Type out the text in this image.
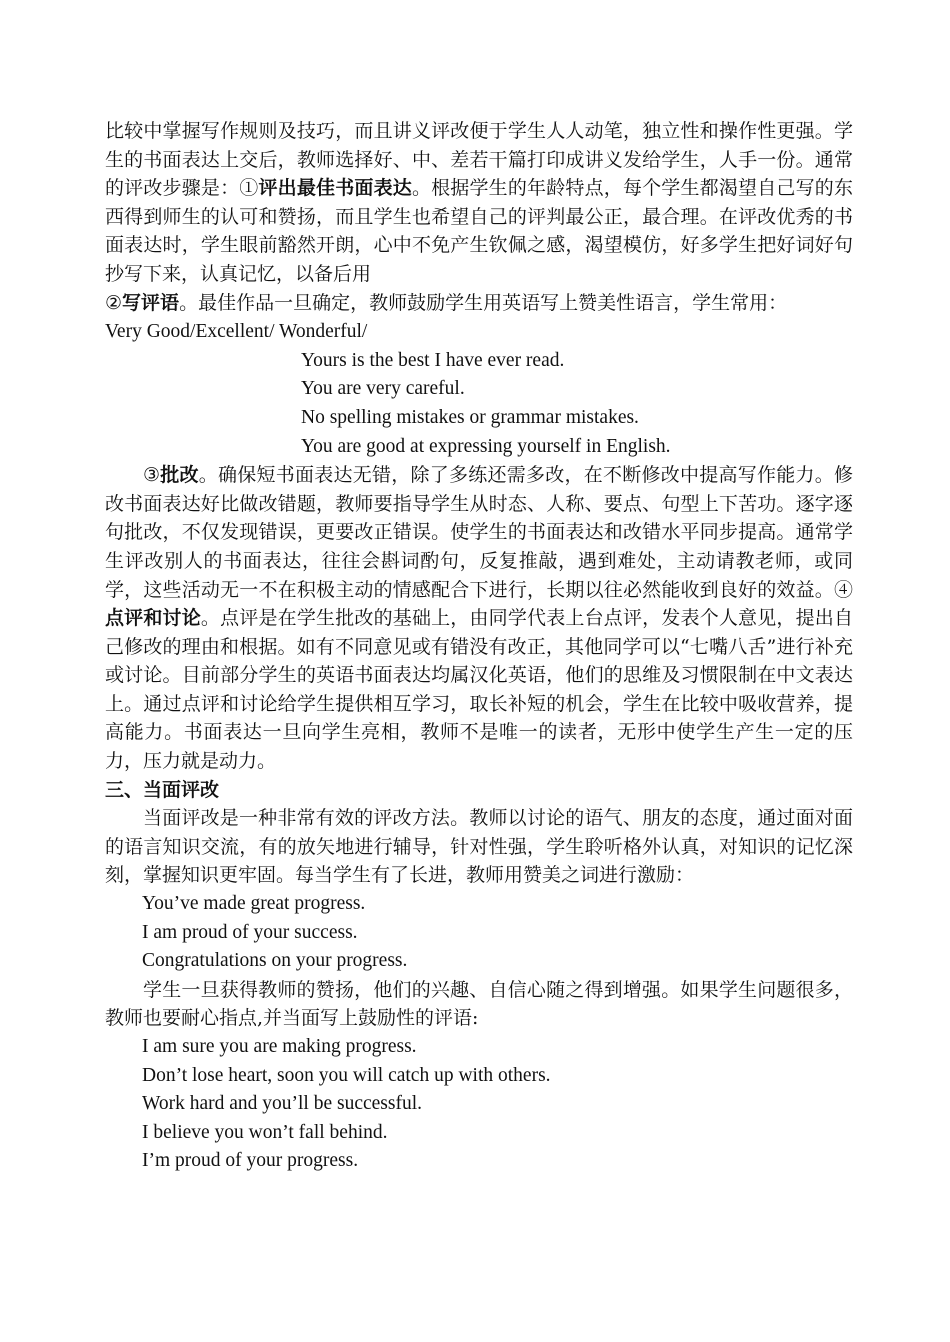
比较中掌握写作规则及技巧，而且讲义评改便于学生人人动笔，独立性和操作性更强。学生的书面表达上交后，教师选择好、中、差若干篇打印成讲义发给学生，人手一份。通常的评改步骤是：①评出最佳书面表达。根据学生的年龄特点，每个学生都渴望自己写的东西得到师生的认可和赞扬，而且学生也希望自己的评判最公正，最合理。在评改优秀的书面表达时，学生眼前豁然开朗，心中不免产生钦佩之感，渴望模仿，好多学生把好词好句抄写下来，认真记忆，以备后用
②写评语。最佳作品一旦确定，教师鼓励学生用英语写上赞美性语言，学生常用：
Very Good/Excellent/ Wonderful/

Yours is the best I have ever read.

You are very careful.

No spelling mistakes or grammar mistakes.

You are good at expressing yourself in English.

③批改。确保短书面表达无错，除了多练还需多改，在不断修改中提高写作能力。修改书面表达好比做改错题，教师要指导学生从时态、人称、要点、句型上下苦功。逐字逐句批改，不仅发现错误，更要改正错误。使学生的书面表达和改错水平同步提高。通常学生评改别人的书面表达，往往会斟词酌句，反复推敲，遇到难处，主动请教老师，或同学，这些活动无一不在积极主动的情感配合下进行，长期以往必然能收到良好的效益。④点评和讨论。点评是在学生批改的基础上，由同学代表上台点评，发表个人意见，提出自己修改的理由和根据。如有不同意见或有错没有改正，其他同学可以“七嘴八舌”进行补充或讨论。目前部分学生的英语书面表达均属汉化英语，他们的思维及习惯限制在中文表达上。通过点评和讨论给学生提供相互学习，取长补短的机会，学生在比较中吸收营养，提高能力。书面表达一旦向学生亮相，教师不是唯一的读者，无形中使学生产生一定的压力，压力就是动力。

三、当面评改

当面评改是一种非常有效的评改方法。教师以讨论的语气、朋友的态度，通过面对面的语言知识交流，有的放矢地进行辅导，针对性强，学生聆听格外认真，对知识的记忆深刻，掌握知识更牢固。每当学生有了长进，教师用赞美之词进行激励：

You’ve made great progress.

I am proud of your success.

Congratulations on your progress.

学生一旦获得教师的赞扬，他们的兴趣、自信心随之得到增强。如果学生问题很多，教师也要耐心指点,并当面写上鼓励性的评语:

I am sure you are making progress.

Don’t lose heart, soon you will catch up with others.

Work hard and you’ll be successful.

I believe you won’t fall behind.

I’m proud of your progress.
